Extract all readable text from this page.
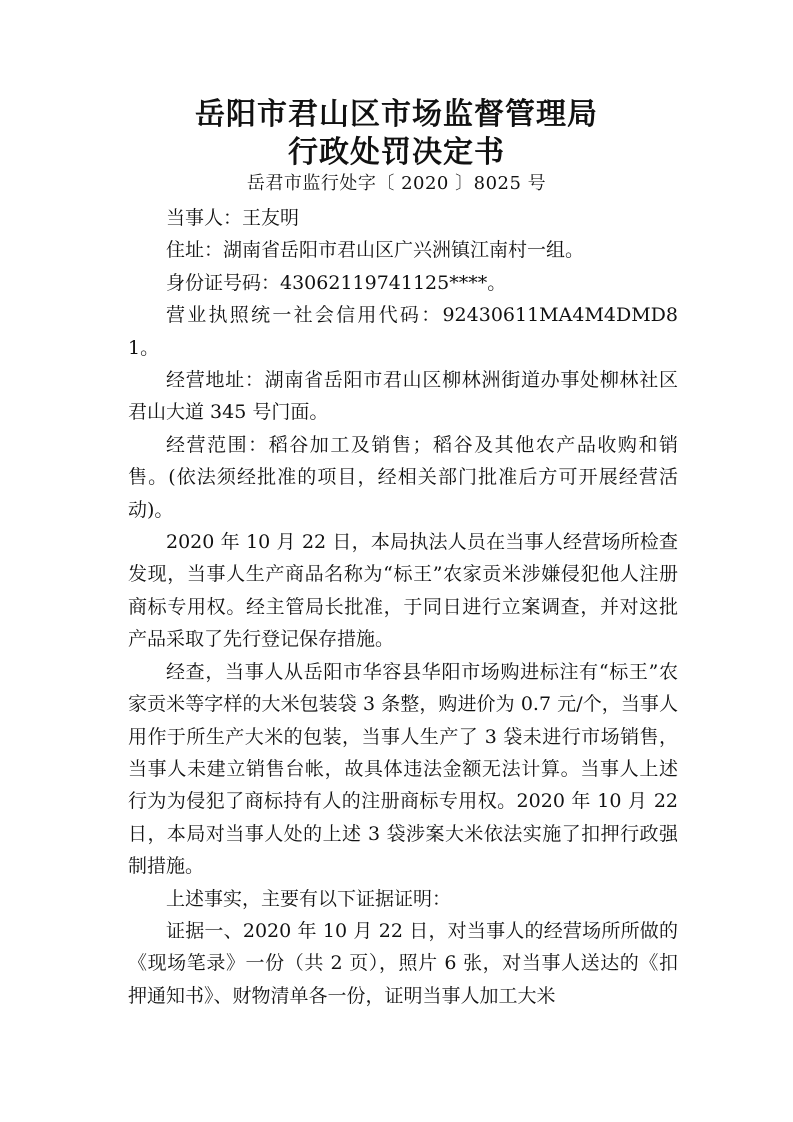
岳阳市君山区市场监督管理局
行政处罚决定书

岳君市监行处字〔 2020 〕8025 号

当事人：王友明

住址：湖南省岳阳市君山区广兴洲镇江南村一组。

身份证号码：43062119741125****。

营业执照统一社会信用代码：92430611MA4M4DMD81。

经营地址：湖南省岳阳市君山区柳林洲街道办事处柳林社区君山大道 345 号门面。

经营范围：稻谷加工及销售；稻谷及其他农产品收购和销售。(依法须经批准的项目，经相关部门批准后方可开展经营活动)。

2020 年 10 月 22 日，本局执法人员在当事人经营场所检查发现，当事人生产商品名称为“标王”农家贡米涉嫌侵犯他人注册商标专用权。经主管局长批准，于同日进行立案调查，并对这批产品采取了先行登记保存措施。

经查，当事人从岳阳市华容县华阳市场购进标注有“标王”农家贡米等字样的大米包装袋 3 条整，购进价为 0.7 元/个，当事人用作于所生产大米的包装，当事人生产了 3 袋未进行市场销售，当事人未建立销售台帐，故具体违法金额无法计算。当事人上述行为为侵犯了商标持有人的注册商标专用权。2020 年 10 月 22 日，本局对当事人处的上述 3 袋涉案大米依法实施了扣押行政强制措施。

上述事实，主要有以下证据证明：

证据一、2020 年 10 月 22 日，对当事人的经营场所所做的《现场笔录》一份（共 2 页），照片 6 张，对当事人送达的《扣押通知书》、财物清单各一份，证明当事人加工大米
